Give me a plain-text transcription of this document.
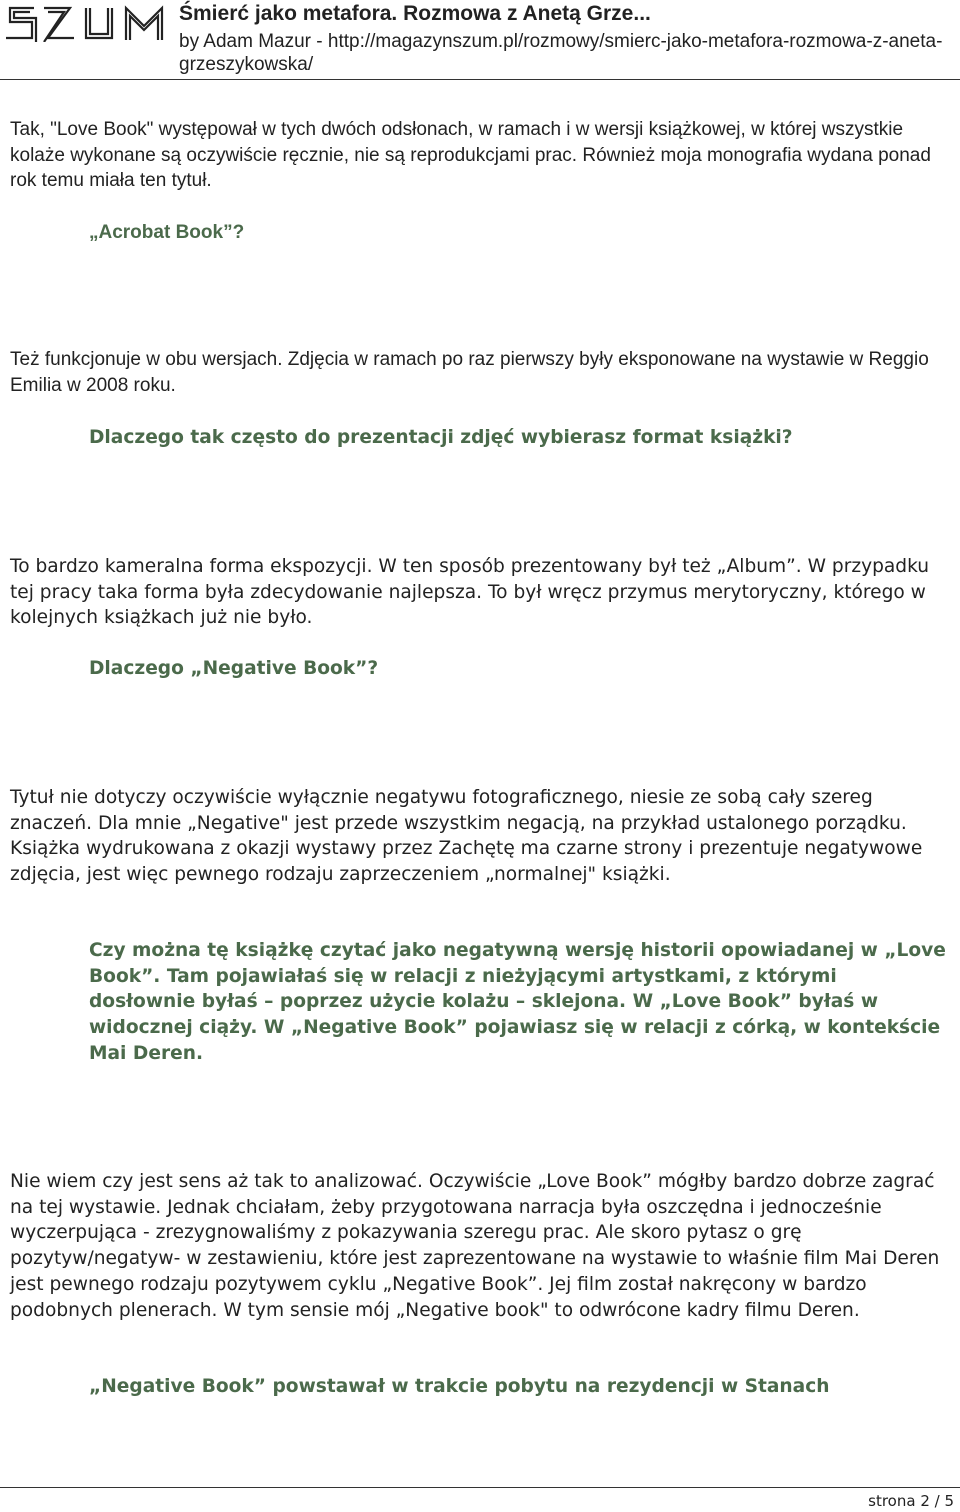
Śmierć jako metafora. Rozmowa z Anetą Grze...
by Adam Mazur - http://magazynszum.pl/rozmowy/smierc-jako-metafora-rozmowa-z-aneta-grzeszykowska/
Tak, "Love Book" występował w tych dwóch odsłonach, w ramach i w wersji książkowej, w której wszystkie kolaże wykonane są oczywiście ręcznie, nie są reprodukcjami prac. Również moja monografia wydana ponad rok temu miała ten tytuł.
„Acrobat Book”?
Też funkcjonuje w obu wersjach. Zdjęcia w ramach po raz pierwszy były eksponowane na wystawie w Reggio Emilia w 2008 roku.
Dlaczego tak często do prezentacji zdjęć wybierasz format książki?
To bardzo kameralna forma ekspozycji. W ten sposób prezentowany był też „Album”. W przypadku tej pracy taka forma była zdecydowanie najlepsza. To był wręcz przymus merytoryczny, którego w kolejnych książkach już nie było.
Dlaczego „Negative Book”?
Tytuł nie dotyczy oczywiście wyłącznie negatywu fotograficznego, niesie ze sobą cały szereg znaczeń. Dla mnie „Negative" jest przede wszystkim negacją, na przykład ustalonego porządku. Książka wydrukowana z okazji wystawy przez Zachętę ma czarne strony i prezentuje negatywowe zdjęcia, jest więc pewnego rodzaju zaprzeczeniem „normalnej" książki.
Czy można tę książkę czytać jako negatywną wersję historii opowiadanej w „Love Book”. Tam pojawiałaś się w relacji z nieżyjącymi artystkami, z którymi dosłownie byłaś – poprzez użycie kolażu – sklejona. W „Love Book” byłaś w widocznej ciąży. W „Negative Book” pojawiasz się w relacji z córką, w kontekście Mai Deren.
Nie wiem czy jest sens aż tak to analizować. Oczywiście „Love Book” mógłby bardzo dobrze zagrać na tej wystawie. Jednak chciałam, żeby przygotowana narracja była oszczędna i jednocześnie wyczerpująca - zrezygnowaliśmy z pokazywania szeregu prac. Ale skoro pytasz o grę pozytyw/negatyw- w zestawieniu, które jest zaprezentowane na wystawie to właśnie film Mai Deren jest pewnego rodzaju pozytywem cyklu „Negative Book”. Jej film został nakręcony w bardzo podobnych plenerach. W tym sensie mój „Negative book" to odwrócone kadry filmu Deren.
„Negative Book” powstawał w trakcie pobytu na rezydencji w Stanach
strona 2 / 5
